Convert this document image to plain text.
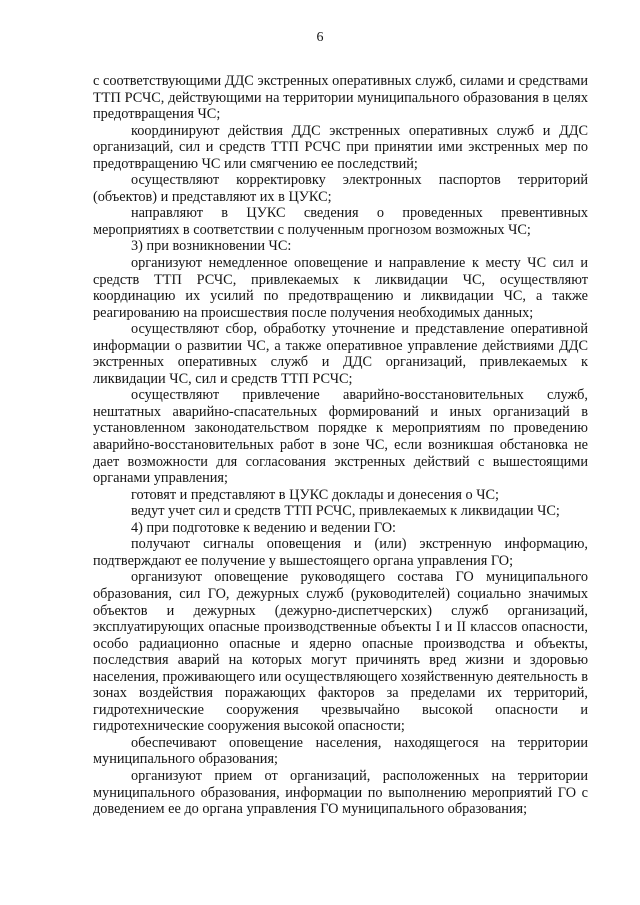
6

с соответствующими ДДС экстренных оперативных служб, силами и средствами ТТП РСЧС, действующими на территории муниципального образования в целях предотвращения ЧС;

координируют действия ДДС экстренных оперативных служб и ДДС организаций, сил и средств ТТП РСЧС при принятии ими экстренных мер по предотвращению ЧС или смягчению ее последствий;

осуществляют корректировку электронных паспортов территорий (объектов) и представляют их в ЦУКС;

направляют в ЦУКС сведения о проведенных превентивных мероприятиях в соответствии с полученным прогнозом возможных ЧС;

3) при возникновении ЧС:

организуют немедленное оповещение и направление к месту ЧС сил и средств ТТП РСЧС, привлекаемых к ликвидации ЧС, осуществляют координацию их усилий по предотвращению и ликвидации ЧС, а также реагированию на происшествия после получения необходимых данных;

осуществляют сбор, обработку уточнение и представление оперативной информации о развитии ЧС, а также оперативное управление действиями ДДС экстренных оперативных служб и ДДС организаций, привлекаемых к ликвидации ЧС, сил и средств ТТП РСЧС;

осуществляют привлечение аварийно-восстановительных служб, нештатных аварийно-спасательных формирований и иных организаций в установленном законодательством порядке к мероприятиям по проведению аварийно-восстановительных работ в зоне ЧС, если возникшая обстановка не дает возможности для согласования экстренных действий с вышестоящими органами управления;

готовят и представляют в ЦУКС доклады и донесения о ЧС;

ведут учет сил и средств ТТП РСЧС, привлекаемых к ликвидации ЧС;

4) при подготовке к ведению и ведении ГО:

получают сигналы оповещения и (или) экстренную информацию, подтверждают ее получение у вышестоящего органа управления ГО;

организуют оповещение руководящего состава ГО муниципального образования, сил ГО, дежурных служб (руководителей) социально значимых объектов и дежурных (дежурно-диспетчерских) служб организаций, эксплуатирующих опасные производственные объекты I и II классов опасности, особо радиационно опасные и ядерно опасные производства и объекты, последствия аварий на которых могут причинять вред жизни и здоровью населения, проживающего или осуществляющего хозяйственную деятельность в зонах воздействия поражающих факторов за пределами их территорий, гидротехнические сооружения чрезвычайно высокой опасности и гидротехнические сооружения высокой опасности;

обеспечивают оповещение населения, находящегося на территории муниципального образования;

организуют прием от организаций, расположенных на территории муниципального образования, информации по выполнению мероприятий ГО с доведением ее до органа управления ГО муниципального образования;
